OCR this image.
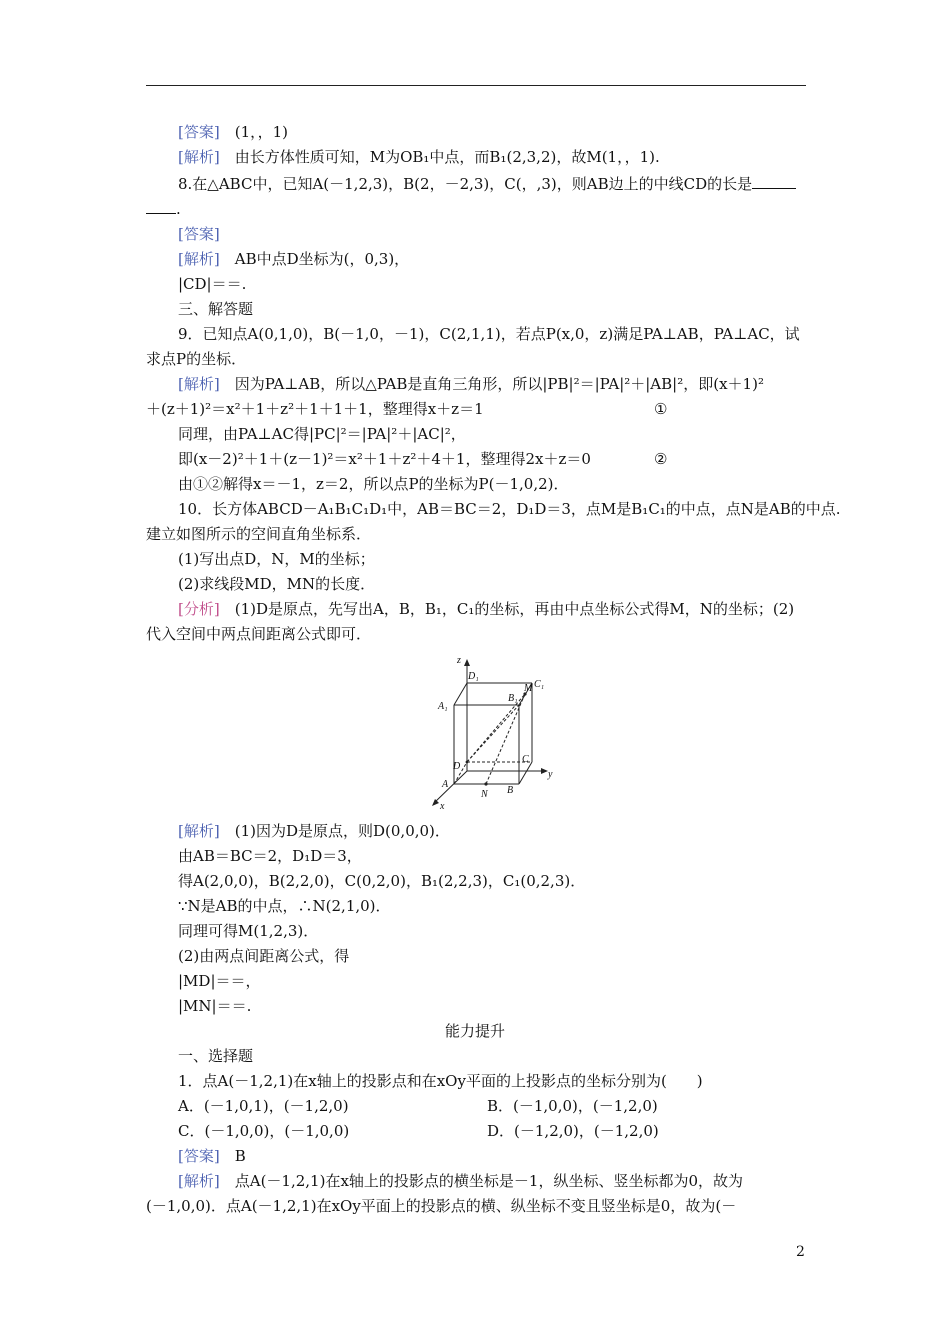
[答案]　 (1，，1)
[解析]　 由长方体性质可知，M为OB₁中点，而B₁(2,3,2)，故M(1，，1).
8.在△ABC中，已知A(－1,2,3)，B(2，－2,3)，C(，,3)，则AB边上的中线CD的长是
.
[答案]
[解析]　 AB中点D坐标为(，0,3)，
|CD|＝＝.
三、解答题
9．已知点A(0,1,0)，B(－1,0，－1)，C(2,1,1)，若点P(x,0，z)满足PA⊥AB，PA⊥AC，试
求点P的坐标．
[解析]　 因为PA⊥AB，所以△PAB是直角三角形，所以|PB|²＝|PA|²＋|AB|²，即(x＋1)²
＋(z＋1)²＝x²＋1＋z²＋1＋1＋1，整理得x＋z＝1	①
同理，由PA⊥AC得|PC|²＝|PA|²＋|AC|²，
即(x－2)²＋1＋(z－1)²＝x²＋1＋z²＋4＋1，整理得2x＋z＝0	②
由①②解得x＝－1，z＝2，所以点P的坐标为P(－1,0,2)．
10．长方体ABCD－A₁B₁C₁D₁中，AB＝BC＝2，D₁D＝3，点M是B₁C₁的中点，点N是AB的中点.
建立如图所示的空间直角坐标系．
(1)写出点D，N，M的坐标；
(2)求线段MD，MN的长度．
[分析]　 (1)D是原点，先写出A，B，B₁，C₁的坐标，再由中点坐标公式得M，N的坐标；(2)
代入空间中两点间距离公式即可．
z
y
x
D₁
C₁
B₁
M
A₁
C
D
A
N B
[解析]　 (1)因为D是原点，则D(0,0,0)．
由AB＝BC＝2，D₁D＝3，
得A(2,0,0)，B(2,2,0)，C(0,2,0)，B₁(2,2,3)，C₁(0,2,3)．
∵N是AB的中点，∴N(2,1,0)．
同理可得M(1,2,3)．
(2)由两点间距离公式，得
|MD|＝＝，
|MN|＝＝.
能力提升
一、选择题
1．点A(－1,2,1)在x轴上的投影点和在xOy平面的上投影点的坐标分别为(　　)
A．(－1,0,1)，(－1,2,0)	B．(－1,0,0)，(－1,2,0)
C．(－1,0,0)，(－1,0,0)	D．(－1,2,0)，(－1,2,0)
[答案]　 B
[解析]　 点A(－1,2,1)在x轴上的投影点的横坐标是－1，纵坐标、竖坐标都为0，故为
(－1,0,0)．点A(－1,2,1)在xOy平面上的投影点的横、纵坐标不变且竖坐标是0，故为(－
2
